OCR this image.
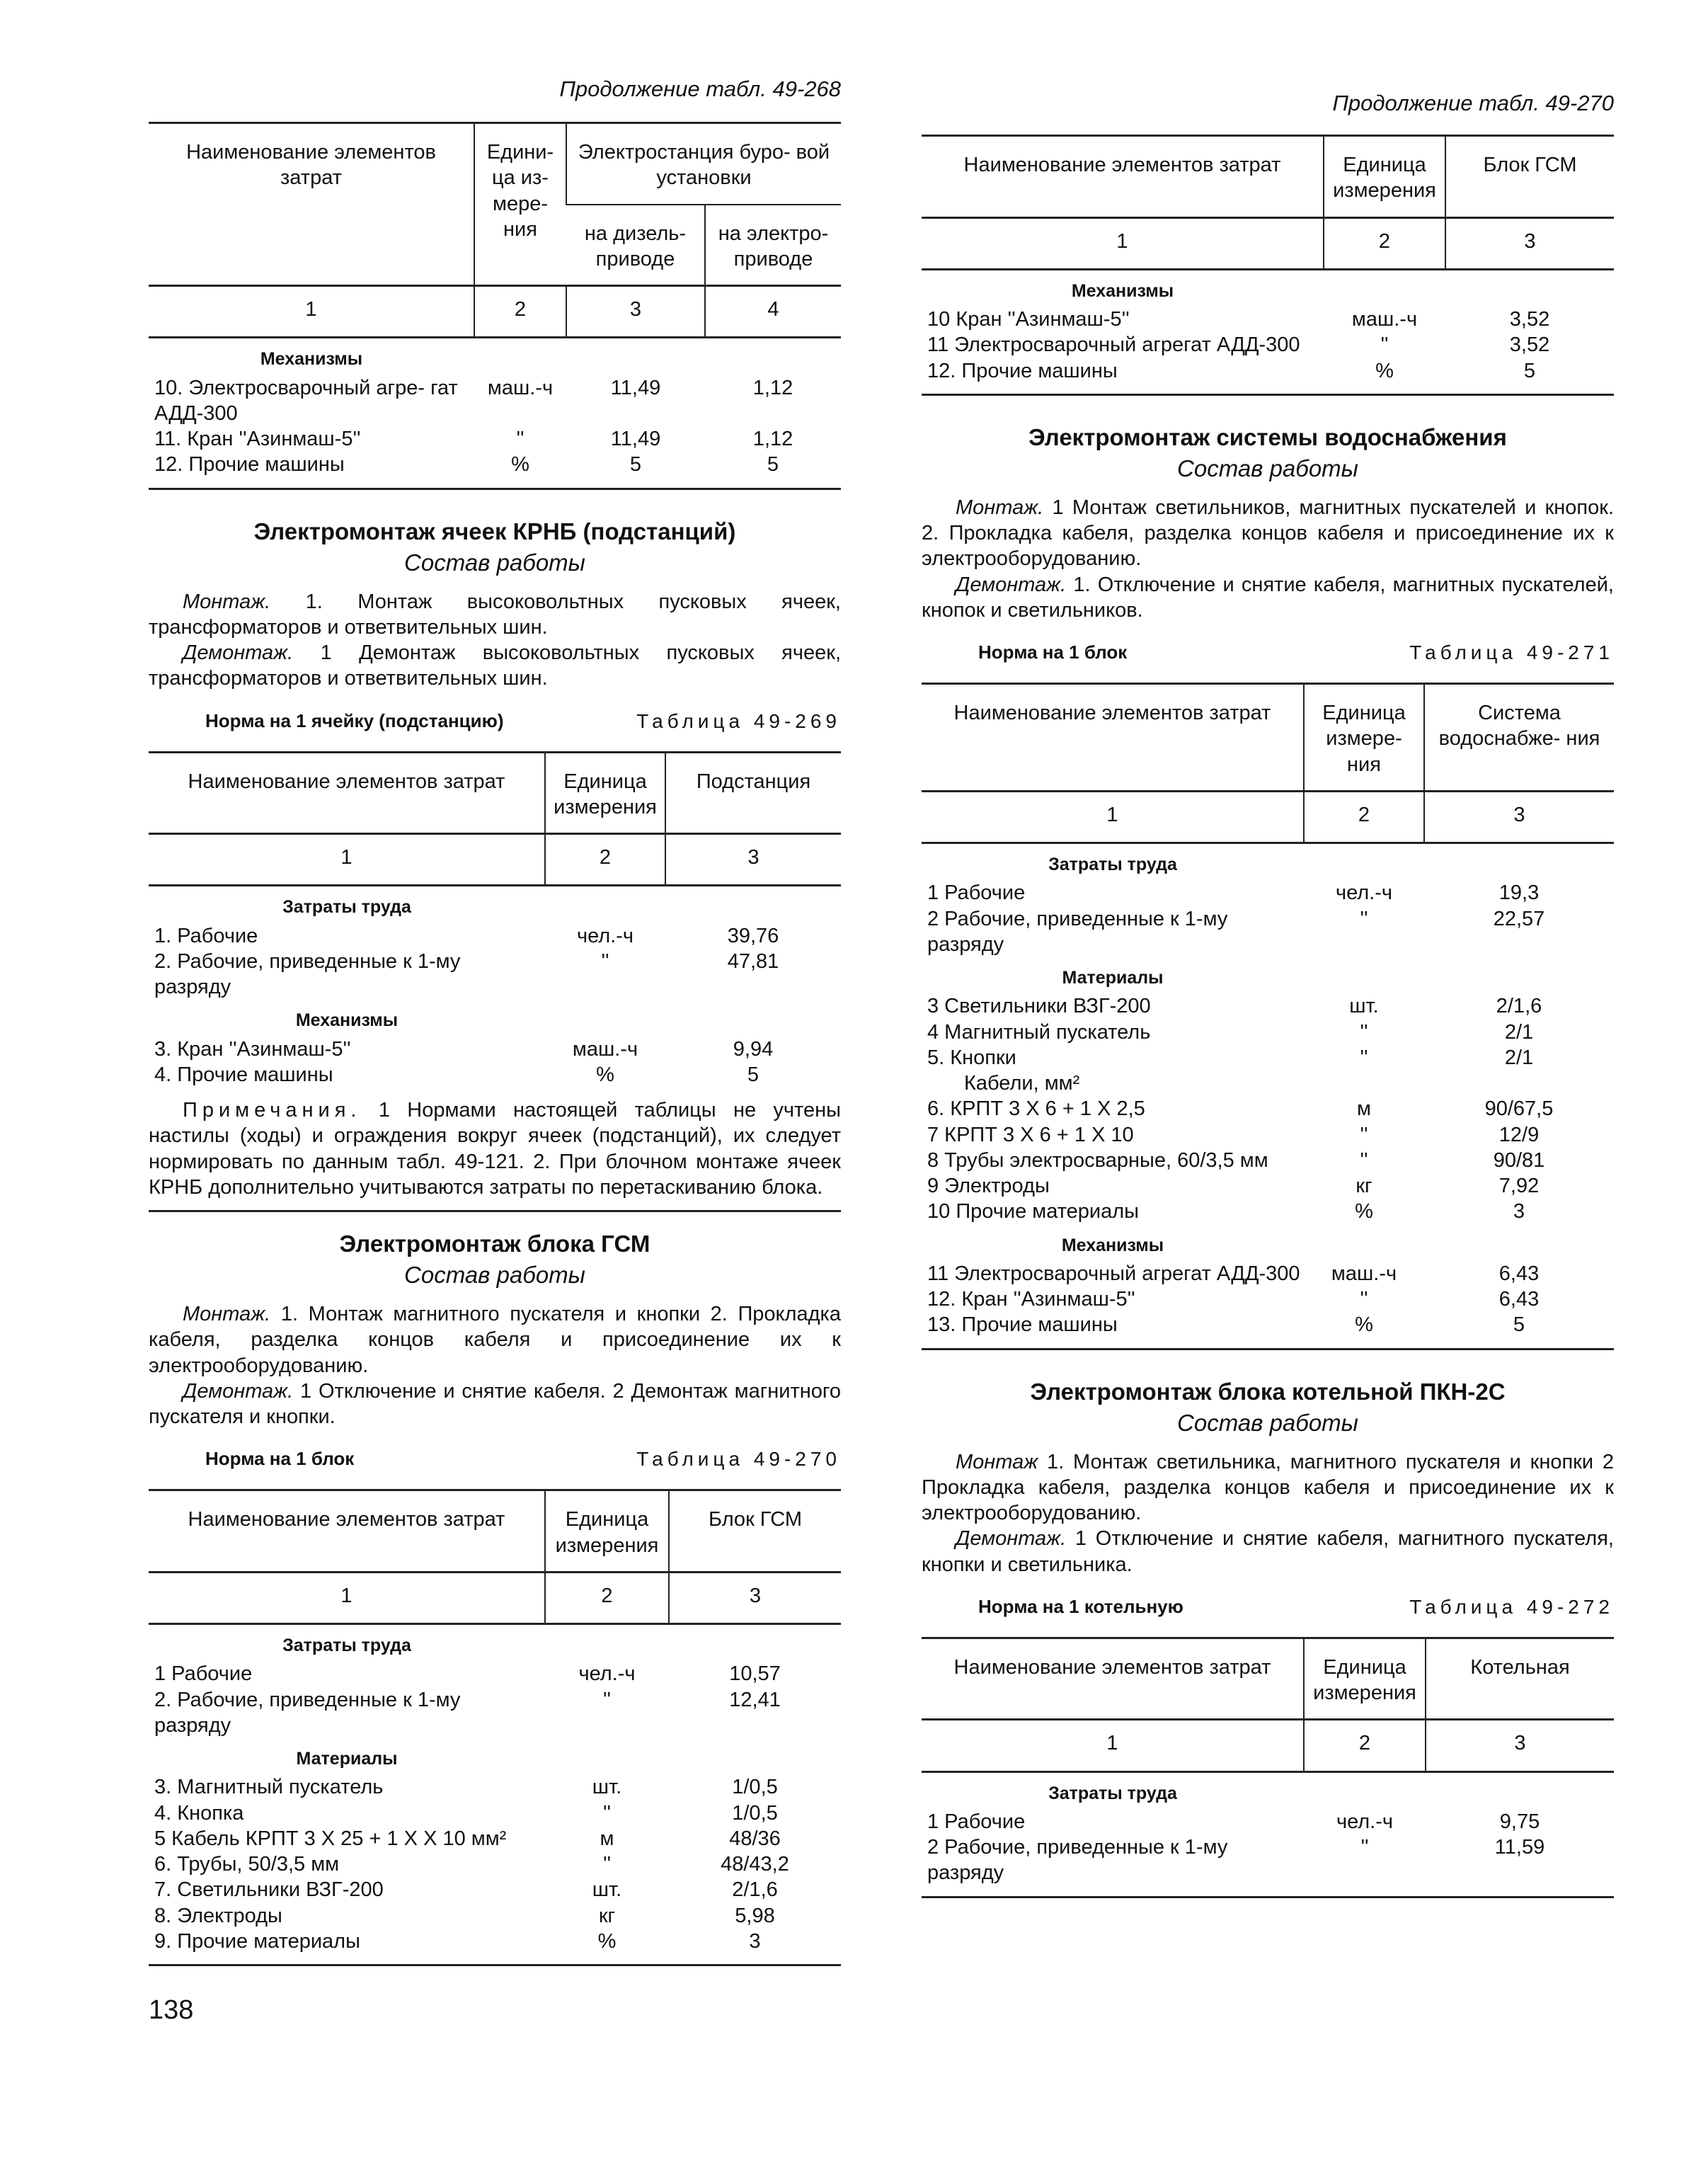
Продолжение табл. 49-268

Наименование элементов затрат	Едини- ца из- мере- ния	Электростанция буро- вой установки	
		на дизель- приводе	на электро- приводе
1	2	3	4
Механизмы			
10. Электросварочный агре- гат АДД-300	маш.-ч	11,49	1,12
11. Кран ''Азинмаш-5''	''	11,49	1,12
12. Прочие машины	%	5	5
Электромонтаж ячеек КРНБ (подстанций)
Состав работы

Монтаж. 1. Монтаж высоковольтных пусковых ячеек, трансформаторов и ответвительных шин.

Демонтаж. 1 Демонтаж высоковольтных пусковых ячеек, трансформаторов и ответвительных шин.

Норма на 1 ячейку (подстанцию)	Таблица 49-269
Наименование элементов затрат	Единица измерения	Подстанция
1	2	3
Затраты труда		
1. Рабочие	чел.-ч	39,76
2. Рабочие, приведенные к 1-му разряду	''	47,81
Механизмы		
3. Кран ''Азинмаш-5''	маш.-ч	9,94
4. Прочие машины	%	5

Примечания. 1 Нормами настоящей таблицы не учтены настилы (ходы) и ограждения вокруг ячеек (подстанций), их следует нормировать по данным табл. 49-121. 2. При блочном монтаже ячеек КРНБ дополнительно учитываются затраты по перетаскиванию блока.

Электромонтаж блока ГСМ
Состав работы

Монтаж. 1. Монтаж магнитного пускателя и кнопки 2. Прокладка кабеля, разделка концов кабеля и присоединение их к электрооборудованию.

Демонтаж. 1 Отключение и снятие кабеля. 2 Демонтаж магнитного пускателя и кнопки.

Норма на 1 блок	Таблица 49-270
Наименование элементов затрат	Единица измерения	Блок ГСМ
1	2	3
Затраты труда		
1 Рабочие	чел.-ч	10,57
2. Рабочие, приведенные к 1-му разряду	''	12,41
Материалы		
3. Магнитный пускатель	шт.	1/0,5
4. Кнопка	''	1/0,5
5 Кабель КРПТ 3 X 25 + 1 X X 10 мм²	м	48/36
6. Трубы, 50/3,5 мм	''	48/43,2
7. Светильники ВЗГ-200	шт.	2/1,6
8. Электроды	кг	5,98
9. Прочие материалы	%	3

Продолжение табл. 49-270

Наименование элементов затрат	Единица измерения	Блок ГСМ
1	2	3
Механизмы		
10 Кран ''Азинмаш-5''	маш.-ч	3,52
11 Электросварочный агрегат АДД-300	''	3,52
12. Прочие машины	%	5
Электромонтаж системы водоснабжения
Состав работы

Монтаж. 1 Монтаж светильников, магнитных пускателей и кнопок. 2. Прокладка кабеля, разделка концов кабеля и присоединение их к электрооборудованию.

Демонтаж. 1. Отключение и снятие кабеля, магнитных пускателей, кнопок и светильников.

Норма на 1 блок	Таблица 49-271
Наименование элементов затрат	Единица измере- ния	Система водоснабже- ния
1	2	3
Затраты труда		
1 Рабочие	чел.-ч	19,3
2 Рабочие, приведенные к 1-му разряду	''	22,57
Материалы		
3 Светильники ВЗГ-200	шт.	2/1,6
4 Магнитный пускатель	''	2/1
5. Кнопки	''	2/1
Кабели, мм²		
6. КРПТ 3 X 6 + 1 X 2,5	м	90/67,5
7 КРПТ 3 X 6 + 1 X 10	''	12/9
8 Трубы электросварные, 60/3,5 мм	''	90/81
9 Электроды	кг	7,92
10 Прочие материалы	%	3
Механизмы		
11 Электросварочный агрегат АДД-300	маш.-ч	6,43
12. Кран ''Азинмаш-5''	''	6,43
13. Прочие машины	%	5
Электромонтаж блока котельной ПКН-2С
Состав работы

Монтаж 1. Монтаж светильника, магнитного пускателя и кнопки 2 Прокладка кабеля, разделка концов кабеля и присоединение их к электрооборудованию.

Демонтаж. 1 Отключение и снятие кабеля, магнитного пускателя, кнопки и светильника.

Норма на 1 котельную	Таблица 49-272
Наименование элементов затрат	Единица измерения	Котельная
1	2	3
Затраты труда		
1 Рабочие	чел.-ч	9,75
2 Рабочие, приведенные к 1-му разряду	''	11,59
138
